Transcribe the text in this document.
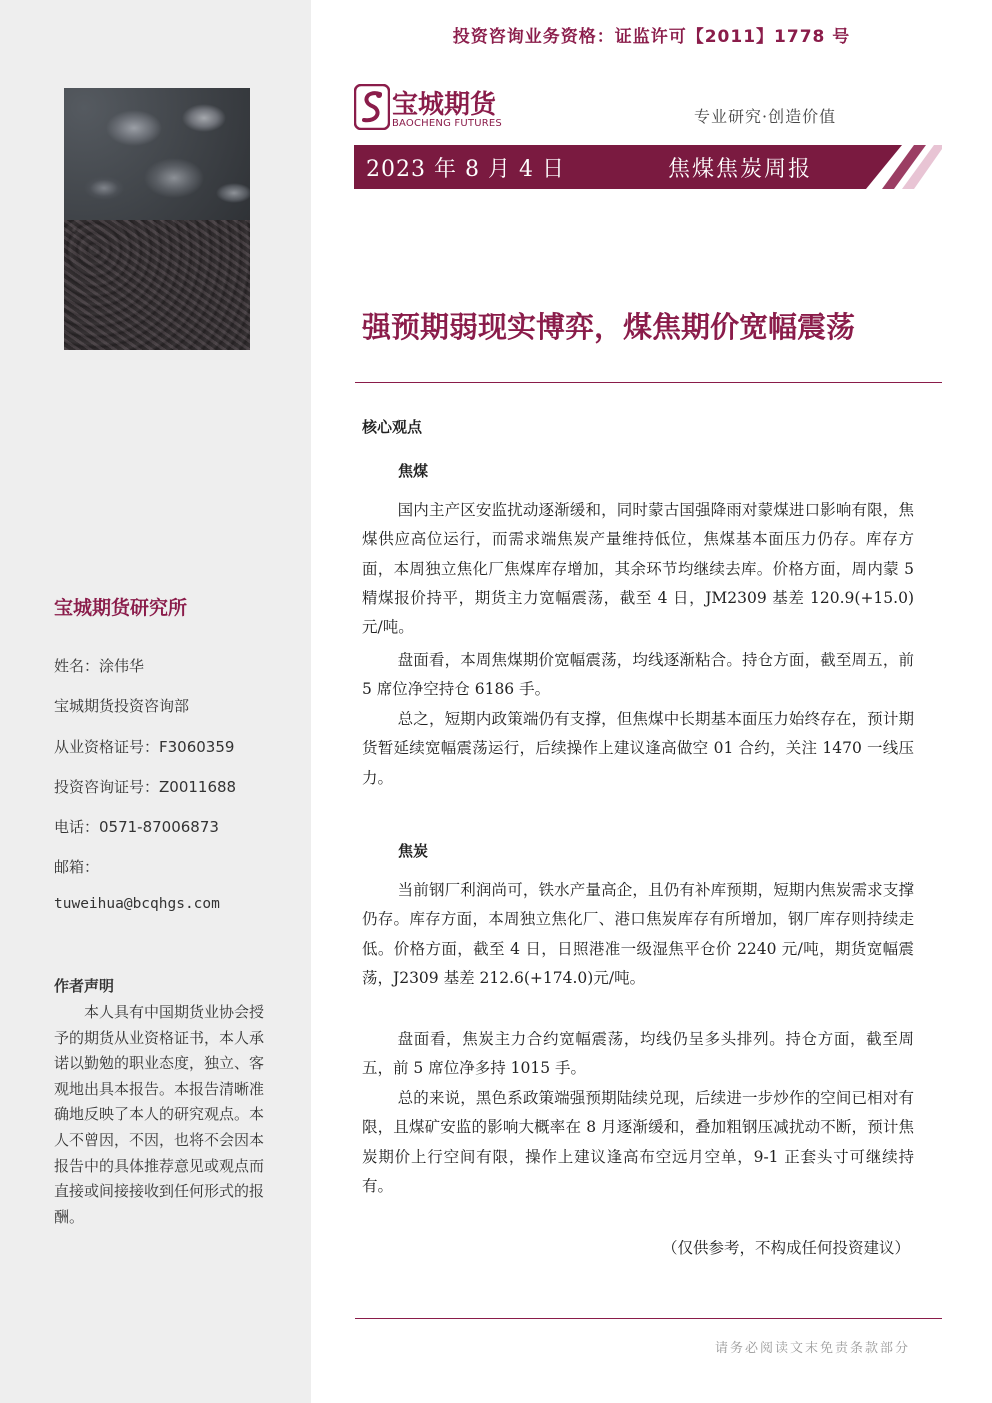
宝城期货研究所
姓名：涂伟华
宝城期货投资咨询部
从业资格证号：F3060359
投资咨询证号：Z0011688
电话：0571-87006873
邮箱：
tuweihua@bcqhgs.com
作者声明
本人具有中国期货业协会授予的期货从业资格证书，本人承诺以勤勉的职业态度，独立、客观地出具本报告。本报告清晰准确地反映了本人的研究观点。本人不曾因，不因，也将不会因本报告中的具体推荐意见或观点而直接或间接接收到任何形式的报酬。
投资咨询业务资格：证监许可【2011】1778 号
宝城期货
BAOCHENG FUTURES	专业研究·创造价值
2023 年 8 月 4 日	焦煤焦炭周报
强预期弱现实博弈，煤焦期价宽幅震荡
核心观点
焦煤
国内主产区安监扰动逐渐缓和，同时蒙古国强降雨对蒙煤进口影响有限，焦煤供应高位运行，而需求端焦炭产量维持低位，焦煤基本面压力仍存。库存方面，本周独立焦化厂焦煤库存增加，其余环节均继续去库。价格方面，周内蒙 5 精煤报价持平，期货主力宽幅震荡，截至 4 日，JM2309 基差 120.9(+15.0)元/吨。
盘面看，本周焦煤期价宽幅震荡，均线逐渐粘合。持仓方面，截至周五，前 5 席位净空持仓 6186 手。
总之，短期内政策端仍有支撑，但焦煤中长期基本面压力始终存在，预计期货暂延续宽幅震荡运行，后续操作上建议逢高做空 01 合约，关注 1470 一线压力。
焦炭
当前钢厂利润尚可，铁水产量高企，且仍有补库预期，短期内焦炭需求支撑仍存。库存方面，本周独立焦化厂、港口焦炭库存有所增加，钢厂库存则持续走低。价格方面，截至 4 日，日照港准一级湿焦平仓价 2240 元/吨，期货宽幅震荡，J2309 基差 212.6(+174.0)元/吨。
盘面看，焦炭主力合约宽幅震荡，均线仍呈多头排列。持仓方面，截至周五，前 5 席位净多持 1015 手。
总的来说，黑色系政策端强预期陆续兑现，后续进一步炒作的空间已相对有限，且煤矿安监的影响大概率在 8 月逐渐缓和，叠加粗钢压减扰动不断，预计焦炭期价上行空间有限，操作上建议逢高布空远月空单，9-1 正套头寸可继续持有。
（仅供参考，不构成任何投资建议）
请务必阅读文末免责条款部分
